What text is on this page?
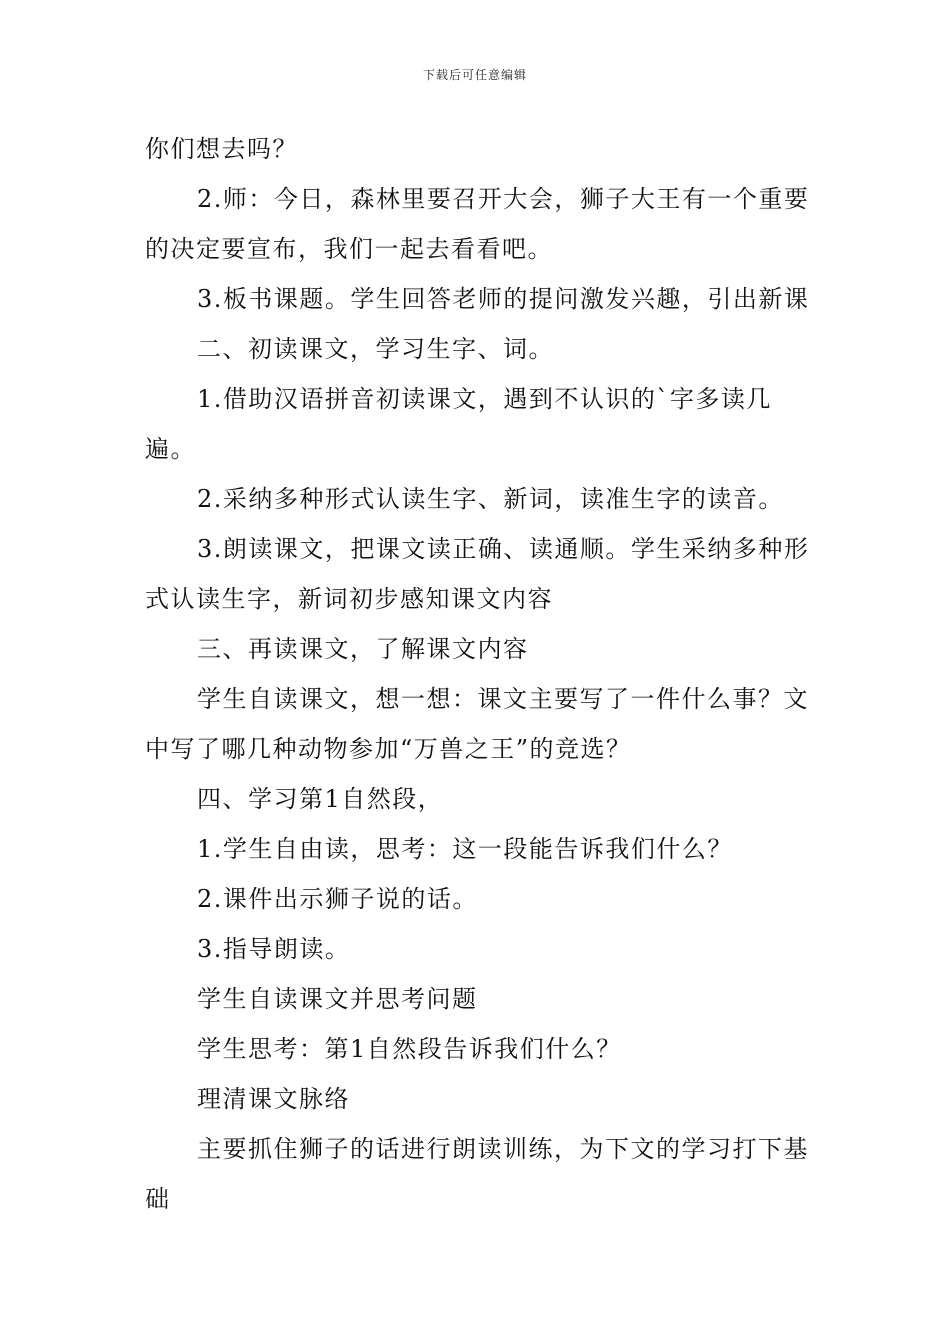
下载后可任意编辑

你们想去吗？

2.师：今日，森林里要召开大会，狮子大王有一个重要的决定要宣布，我们一起去看看吧。

3.板书课题。学生回答老师的提问激发兴趣，引出新课

二、初读课文，学习生字、词。

1.借助汉语拼音初读课文，遇到不认识的`字多读几遍。

2.采纳多种形式认读生字、新词，读准生字的读音。

3.朗读课文，把课文读正确、读通顺。学生采纳多种形式认读生字，新词初步感知课文内容

三、再读课文，了解课文内容

学生自读课文，想一想：课文主要写了一件什么事？文中写了哪几种动物参加“万兽之王”的竞选？

四、学习第1自然段，

1.学生自由读，思考：这一段能告诉我们什么？

2.课件出示狮子说的话。

3.指导朗读。

学生自读课文并思考问题

学生思考：第1自然段告诉我们什么？

理清课文脉络

主要抓住狮子的话进行朗读训练，为下文的学习打下基础
